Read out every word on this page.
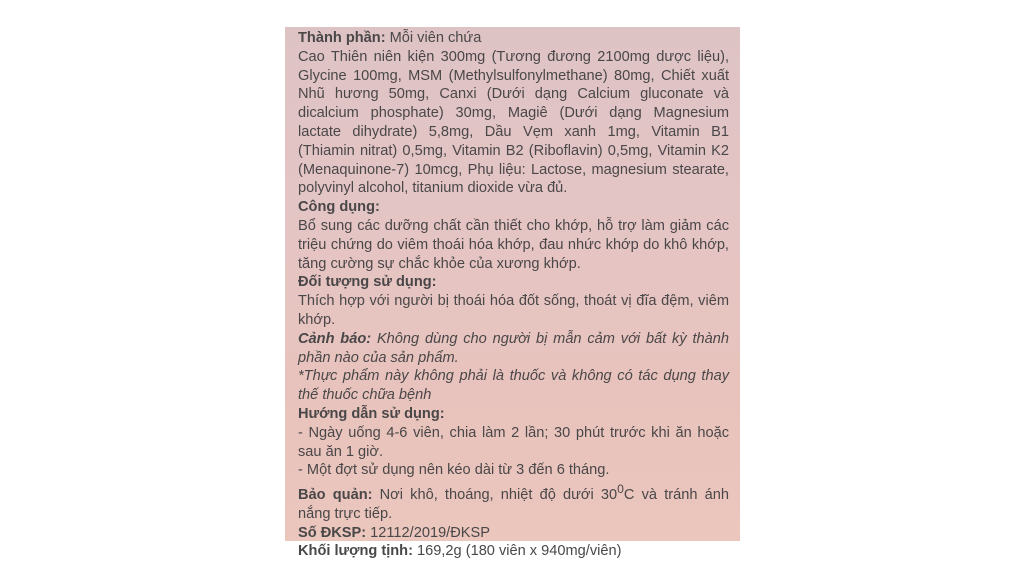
Thành phần: Mỗi viên chứa

Cao Thiên niên kiện 300mg (Tương đương 2100mg dược liệu), Glycine 100mg, MSM (Methylsulfonylmethane) 80mg, Chiết xuất Nhũ hương 50mg, Canxi (Dưới dạng Calcium gluconate và dicalcium phosphate) 30mg, Magiê (Dưới dạng Magnesium lactate dihydrate) 5,8mg, Dầu Vẹm xanh 1mg, Vitamin B1 (Thiamin nitrat) 0,5mg, Vitamin B2 (Riboflavin) 0,5mg, Vitamin K2 (Menaquinone-7) 10mcg, Phụ liệu: Lactose, magnesium stearate, polyvinyl alcohol, titanium dioxide vừa đủ.

Công dụng:

Bổ sung các dưỡng chất cần thiết cho khớp, hỗ trợ làm giảm các triệu chứng do viêm thoái hóa khớp, đau nhức khớp do khô khớp, tăng cường sự chắc khỏe của xương khớp.

Đối tượng sử dụng:

Thích hợp với người bị thoái hóa đốt sống, thoát vị đĩa đệm, viêm khớp.

Cảnh báo: Không dùng cho người bị mẫn cảm với bất kỳ thành phần nào của sản phẩm.

*Thực phẩm này không phải là thuốc và không có tác dụng thay thế thuốc chữa bệnh

Hướng dẫn sử dụng:

- Ngày uống 4-6 viên, chia làm 2 lần; 30 phút trước khi ăn hoặc sau ăn 1 giờ.

- Một đợt sử dụng nên kéo dài từ 3 đến 6 tháng.

Bảo quản: Nơi khô, thoáng, nhiệt độ dưới $30^0C$ và tránh ánh nắng trực tiếp.

Số ĐKSP: 12112/2019/ĐKSP

Khối lượng tịnh: 169,2g (180 viên x 940mg/viên)
